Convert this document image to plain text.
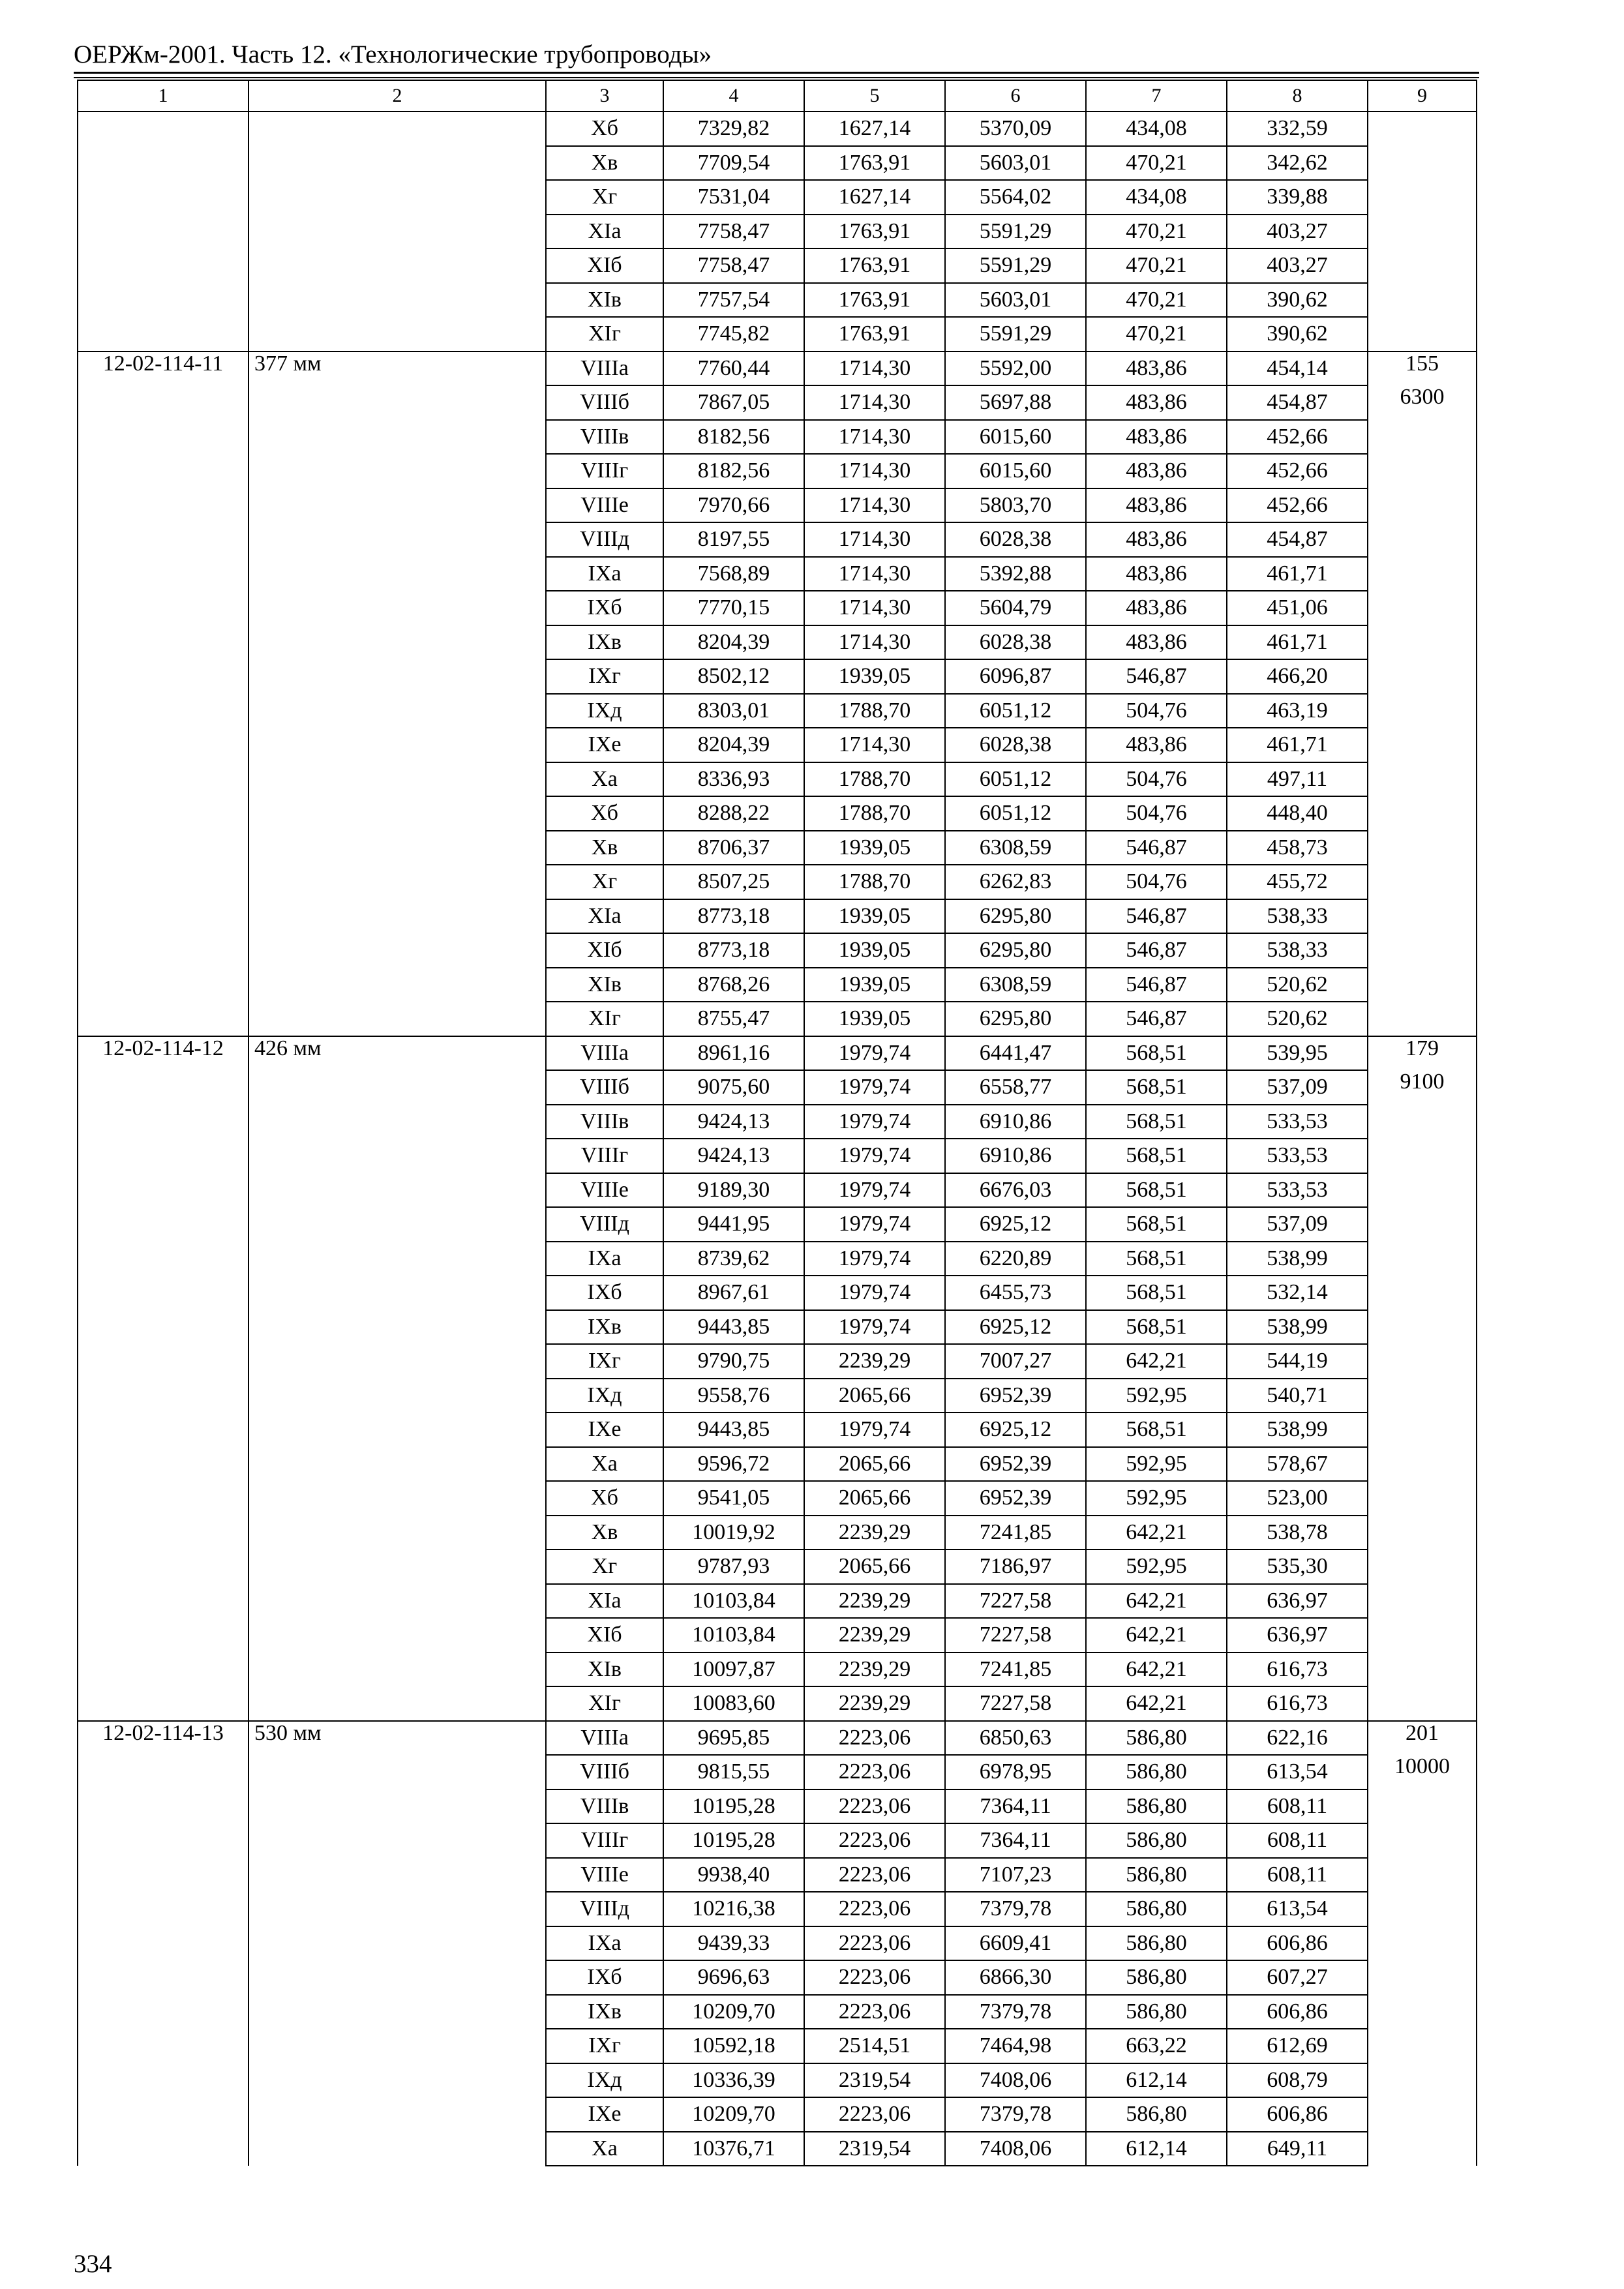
ОЕРЖм-2001. Часть 12. «Технологические трубопроводы»
1	2	3	4	5	6	7	8	9
		Xб	7329,82	1627,14	5370,09	434,08	332,59	
		Xв	7709,54	1763,91	5603,01	470,21	342,62	
		Xг	7531,04	1627,14	5564,02	434,08	339,88	
		XIа	7758,47	1763,91	5591,29	470,21	403,27	
		XIб	7758,47	1763,91	5591,29	470,21	403,27	
		XIв	7757,54	1763,91	5603,01	470,21	390,62	
		XIг	7745,82	1763,91	5591,29	470,21	390,62	
12-02-114-11	377 мм	VIIIа	7760,44	1714,30	5592,00	483,86	454,14	155
		VIIIб	7867,05	1714,30	5697,88	483,86	454,87	6300
		VIIIв	8182,56	1714,30	6015,60	483,86	452,66	
		VIIIг	8182,56	1714,30	6015,60	483,86	452,66	
		VIIIе	7970,66	1714,30	5803,70	483,86	452,66	
		VIIIд	8197,55	1714,30	6028,38	483,86	454,87	
		IXа	7568,89	1714,30	5392,88	483,86	461,71	
		IXб	7770,15	1714,30	5604,79	483,86	451,06	
		IXв	8204,39	1714,30	6028,38	483,86	461,71	
		IXг	8502,12	1939,05	6096,87	546,87	466,20	
		IXд	8303,01	1788,70	6051,12	504,76	463,19	
		IXе	8204,39	1714,30	6028,38	483,86	461,71	
		Xа	8336,93	1788,70	6051,12	504,76	497,11	
		Xб	8288,22	1788,70	6051,12	504,76	448,40	
		Xв	8706,37	1939,05	6308,59	546,87	458,73	
		Xг	8507,25	1788,70	6262,83	504,76	455,72	
		XIа	8773,18	1939,05	6295,80	546,87	538,33	
		XIб	8773,18	1939,05	6295,80	546,87	538,33	
		XIв	8768,26	1939,05	6308,59	546,87	520,62	
		XIг	8755,47	1939,05	6295,80	546,87	520,62	
12-02-114-12	426 мм	VIIIа	8961,16	1979,74	6441,47	568,51	539,95	179
		VIIIб	9075,60	1979,74	6558,77	568,51	537,09	9100
		VIIIв	9424,13	1979,74	6910,86	568,51	533,53	
		VIIIг	9424,13	1979,74	6910,86	568,51	533,53	
		VIIIе	9189,30	1979,74	6676,03	568,51	533,53	
		VIIIд	9441,95	1979,74	6925,12	568,51	537,09	
		IXа	8739,62	1979,74	6220,89	568,51	538,99	
		IXб	8967,61	1979,74	6455,73	568,51	532,14	
		IXв	9443,85	1979,74	6925,12	568,51	538,99	
		IXг	9790,75	2239,29	7007,27	642,21	544,19	
		IXд	9558,76	2065,66	6952,39	592,95	540,71	
		IXе	9443,85	1979,74	6925,12	568,51	538,99	
		Xа	9596,72	2065,66	6952,39	592,95	578,67	
		Xб	9541,05	2065,66	6952,39	592,95	523,00	
		Xв	10019,92	2239,29	7241,85	642,21	538,78	
		Xг	9787,93	2065,66	7186,97	592,95	535,30	
		XIа	10103,84	2239,29	7227,58	642,21	636,97	
		XIб	10103,84	2239,29	7227,58	642,21	636,97	
		XIв	10097,87	2239,29	7241,85	642,21	616,73	
		XIг	10083,60	2239,29	7227,58	642,21	616,73	
12-02-114-13	530 мм	VIIIа	9695,85	2223,06	6850,63	586,80	622,16	201
		VIIIб	9815,55	2223,06	6978,95	586,80	613,54	10000
		VIIIв	10195,28	2223,06	7364,11	586,80	608,11	
		VIIIг	10195,28	2223,06	7364,11	586,80	608,11	
		VIIIе	9938,40	2223,06	7107,23	586,80	608,11	
		VIIIд	10216,38	2223,06	7379,78	586,80	613,54	
		IXа	9439,33	2223,06	6609,41	586,80	606,86	
		IXб	9696,63	2223,06	6866,30	586,80	607,27	
		IXв	10209,70	2223,06	7379,78	586,80	606,86	
		IXг	10592,18	2514,51	7464,98	663,22	612,69	
		IXд	10336,39	2319,54	7408,06	612,14	608,79	
		IXе	10209,70	2223,06	7379,78	586,80	606,86	
		Xа	10376,71	2319,54	7408,06	612,14	649,11	
334
